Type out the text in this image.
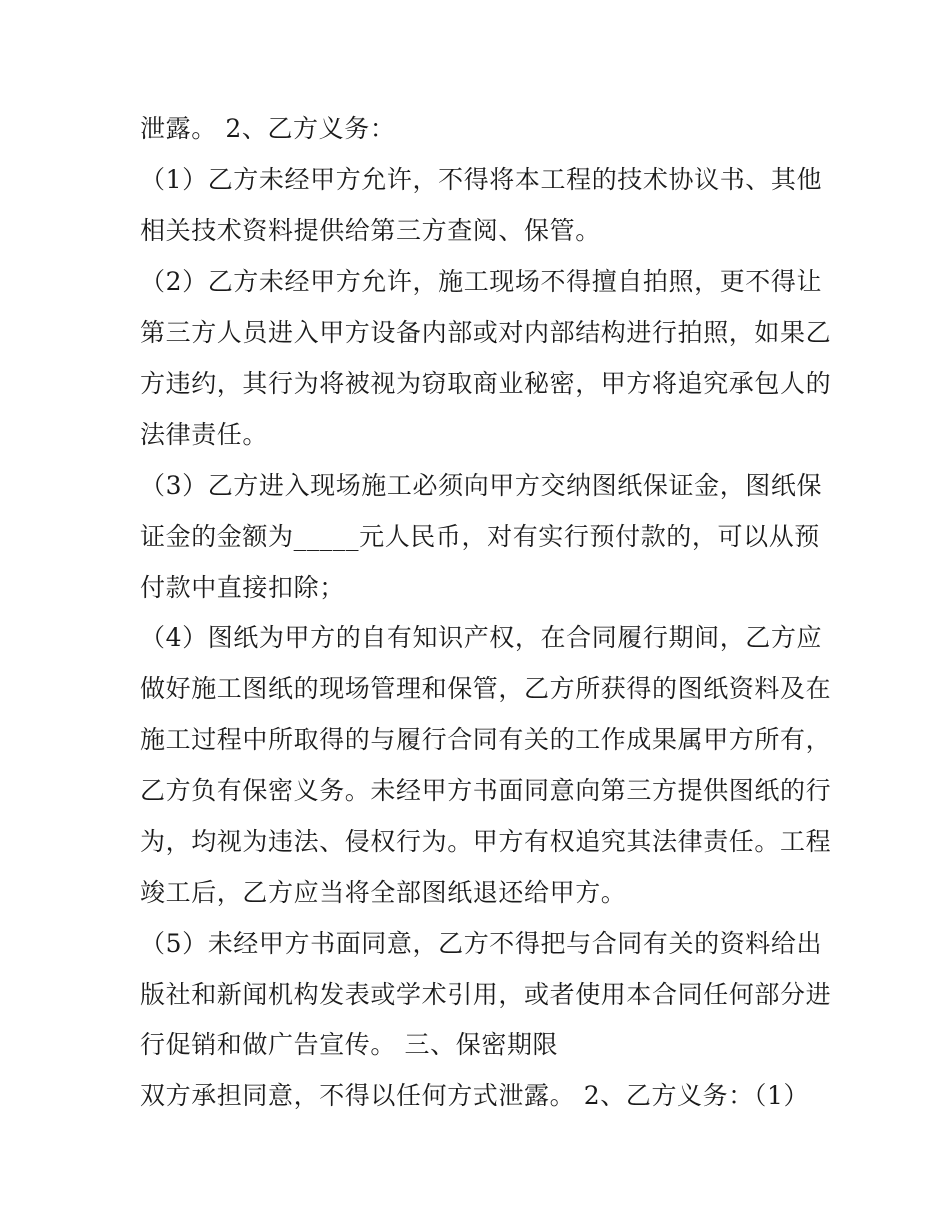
泄露。 2、乙方义务：
（1）乙方未经甲方允许，不得将本工程的技术协议书、其他
相关技术资料提供给第三方查阅、保管。
（2）乙方未经甲方允许，施工现场不得擅自拍照，更不得让
第三方人员进入甲方设备内部或对内部结构进行拍照，如果乙
方违约，其行为将被视为窃取商业秘密，甲方将追究承包人的
法律责任。
（3）乙方进入现场施工必须向甲方交纳图纸保证金，图纸保
证金的金额为_____元人民币，对有实行预付款的，可以从预
付款中直接扣除；
（4）图纸为甲方的自有知识产权，在合同履行期间，乙方应
做好施工图纸的现场管理和保管，乙方所获得的图纸资料及在
施工过程中所取得的与履行合同有关的工作成果属甲方所有，
乙方负有保密义务。未经甲方书面同意向第三方提供图纸的行
为，均视为违法、侵权行为。甲方有权追究其法律责任。工程
竣工后，乙方应当将全部图纸退还给甲方。
（5）未经甲方书面同意，乙方不得把与合同有关的资料给出
版社和新闻机构发表或学术引用，或者使用本合同任何部分进
行促销和做广告宣传。 三、保密期限
双方承担同意，不得以任何方式泄露。 2、乙方义务：（1）
